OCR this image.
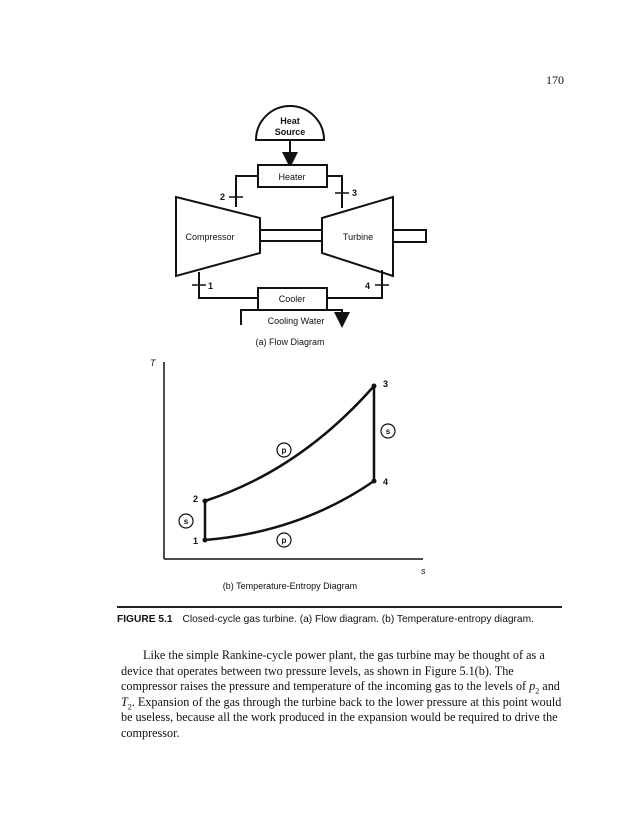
170
Heat
Source
Heater
Compressor	Turbine
Cooler
Cooling Water
2	3
1	4
(a) Flow Diagram
T
s
1
2
3
4
p
s
s
p
(b) Temperature-Entropy Diagram
FIGURE 5.1 Closed-cycle gas turbine. (a) Flow diagram. (b) Temperature-entropy diagram.

Like the simple Rankine-cycle power plant, the gas turbine may be thought of as a device that operates between two pressure levels, as shown in Figure 5.1(b). The compressor raises the pressure and temperature of the incoming gas to the levels of $p_2$ and $T_2$. Expansion of the gas through the turbine back to the lower pressure at this point would be useless, because all the work produced in the expansion would be required to drive the compressor.
